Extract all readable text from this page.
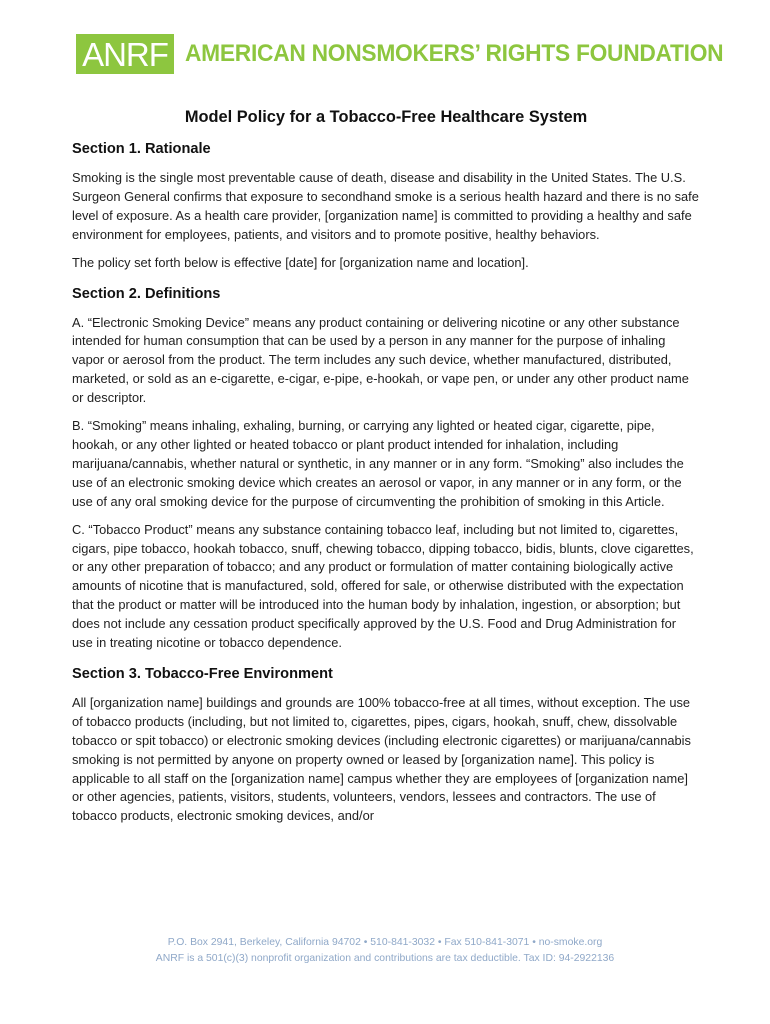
ANRF AMERICAN NONSMOKERS’ RIGHTS FOUNDATION
Model Policy for a Tobacco-Free Healthcare System
Section 1. Rationale

Smoking is the single most preventable cause of death, disease and disability in the United States. The U.S. Surgeon General confirms that exposure to secondhand smoke is a serious health hazard and there is no safe level of exposure. As a health care provider, [organization name] is committed to providing a healthy and safe environment for employees, patients, and visitors and to promote positive, healthy behaviors.

The policy set forth below is effective [date] for [organization name and location].

Section 2. Definitions

A. “Electronic Smoking Device” means any product containing or delivering nicotine or any other substance intended for human consumption that can be used by a person in any manner for the purpose of inhaling vapor or aerosol from the product. The term includes any such device, whether manufactured, distributed, marketed, or sold as an e-cigarette, e-cigar, e-pipe, e-hookah, or vape pen, or under any other product name or descriptor.

B. “Smoking” means inhaling, exhaling, burning, or carrying any lighted or heated cigar, cigarette, pipe, hookah, or any other lighted or heated tobacco or plant product intended for inhalation, including marijuana/cannabis, whether natural or synthetic, in any manner or in any form. “Smoking” also includes the use of an electronic smoking device which creates an aerosol or vapor, in any manner or in any form, or the use of any oral smoking device for the purpose of circumventing the prohibition of smoking in this Article.

C. “Tobacco Product” means any substance containing tobacco leaf, including but not limited to, cigarettes, cigars, pipe tobacco, hookah tobacco, snuff, chewing tobacco, dipping tobacco, bidis, blunts, clove cigarettes, or any other preparation of tobacco; and any product or formulation of matter containing biologically active amounts of nicotine that is manufactured, sold, offered for sale, or otherwise distributed with the expectation that the product or matter will be introduced into the human body by inhalation, ingestion, or absorption; but does not include any cessation product specifically approved by the U.S. Food and Drug Administration for use in treating nicotine or tobacco dependence.

Section 3. Tobacco-Free Environment

All [organization name] buildings and grounds are 100% tobacco-free at all times, without exception. The use of tobacco products (including, but not limited to, cigarettes, pipes, cigars, hookah, snuff, chew, dissolvable tobacco or spit tobacco) or electronic smoking devices (including electronic cigarettes) or marijuana/cannabis smoking is not permitted by anyone on property owned or leased by [organization name]. This policy is applicable to all staff on the [organization name] campus whether they are employees of [organization name] or other agencies, patients, visitors, students, volunteers, vendors, lessees and contractors. The use of tobacco products, electronic smoking devices, and/or

P.O. Box 2941, Berkeley, California 94702 • 510-841-3032 • Fax 510-841-3071 • no-smoke.org
ANRF is a 501(c)(3) nonprofit organization and contributions are tax deductible. Tax ID: 94-2922136
